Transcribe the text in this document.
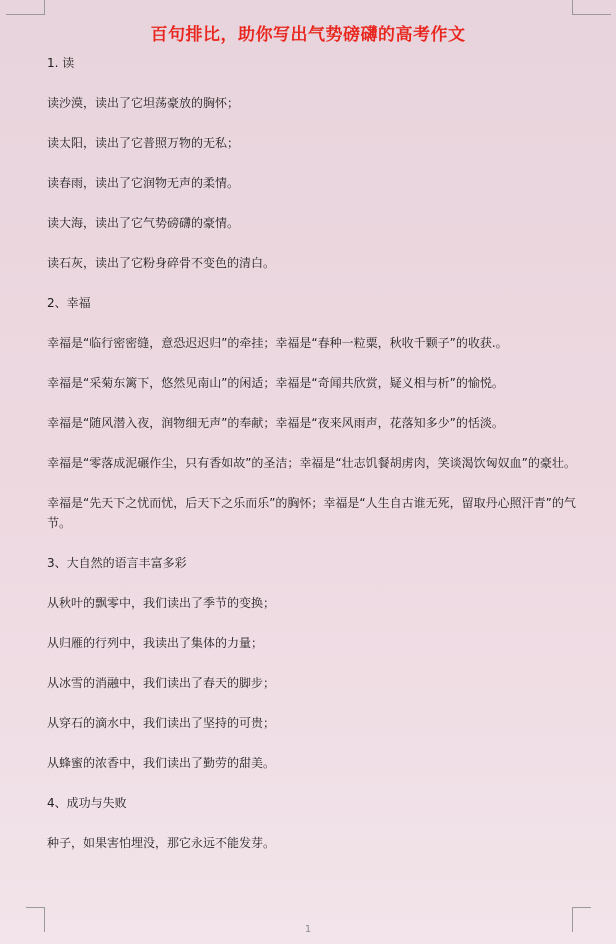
百句排比，助你写出气势磅礴的高考作文
1. 读
读沙漠，读出了它坦荡豪放的胸怀；
读太阳，读出了它普照万物的无私；
读春雨，读出了它润物无声的柔情。
读大海，读出了它气势磅礴的豪情。
读石灰，读出了它粉身碎骨不变色的清白。
2、幸福
幸福是“临行密密缝，意恐迟迟归”的牵挂；幸福是“春种一粒粟，秋收千颗子”的收获.。
幸福是“采菊东篱下，悠然见南山”的闲适；幸福是“奇闻共欣赏，疑义相与析”的愉悦。
幸福是“随风潜入夜，润物细无声”的奉献；幸福是“夜来风雨声，花落知多少”的恬淡。
幸福是“零落成泥碾作尘，只有香如故”的圣洁；幸福是“壮志饥餐胡虏肉，笑谈渴饮匈奴血”的豪壮。
幸福是“先天下之忧而忧，后天下之乐而乐”的胸怀；幸福是“人生自古谁无死，留取丹心照汗青”的气节。
3、大自然的语言丰富多彩
从秋叶的飘零中，我们读出了季节的变换；
从归雁的行列中，我读出了集体的力量；
从冰雪的消融中，我们读出了春天的脚步；
从穿石的滴水中，我们读出了坚持的可贵；
从蜂蜜的浓香中，我们读出了勤劳的甜美。
4、成功与失败
种子，如果害怕埋没，那它永远不能发芽。
1
